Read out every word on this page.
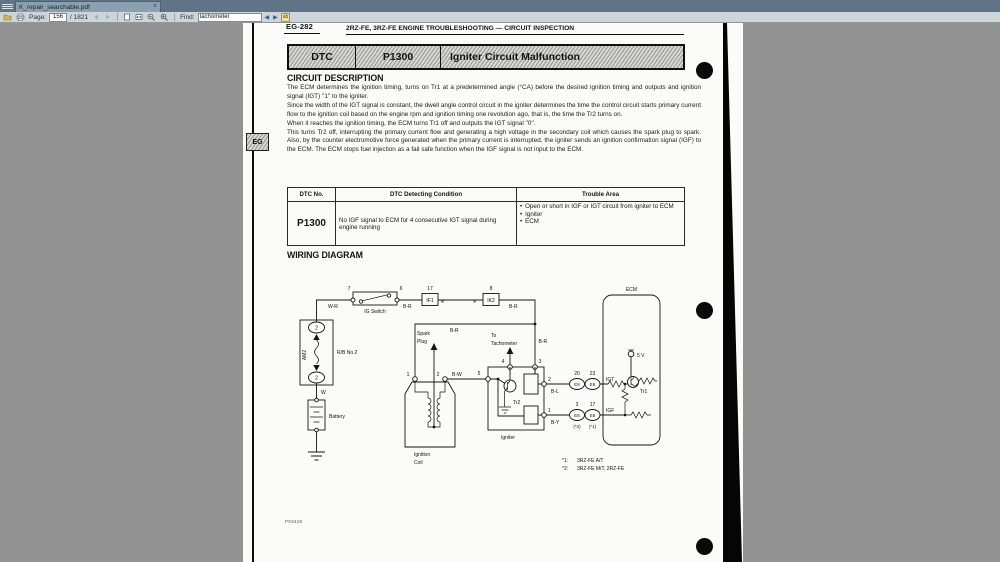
K_repair_searchable.pdf	×
Page:
156	/ 1821	Find:
tachometer	◀ ▶	ab
EG
EG-282	2RZ-FE, 3RZ-FE ENGINE TROUBLESHOOTING — CIRCUIT INSPECTION
DTC	P1300	Igniter Circuit Malfunction
CIRCUIT DESCRIPTION
The ECM determines the ignition timing, turns on Tr1 at a predetermined angle (°CA) before the desired ignition timing and outputs and ignition signal (IGT) ''1'' to the igniter.
Since the width of the IGT signal is constant, the dwell angle control circuit in the igniter determines the time the control circuit starts primary current flow to the ignition coil based on the engine rpm and ignition timing one revolution ago, that is, the time the Tr2 turns on.
When it reaches the ignition timing, the ECM turns Tr1 off and outputs the IGT signal ''0''.
This turns Tr2 off, interrupting the primary current flow and generating a high voltage in the secondary coil which causes the spark plug to spark. Also, by the counter electromotive force generated when the primary current is interrupted, the igniter sends an ignition confirmation signal (IGF) to the ECM. The ECM stops fuel injection as a fail safe function when the IGF signal is not input to the ECM.
DTC No.	DTC Detecting Condition	Trouble Area
P1300	No IGF signal to ECM for 4 consecutive IGT signal during engine running	
• Open or short in IGF or IGT circuit from igniter to ECM
• Igniter
• ECM
WIRING DIAGRAM
W-R	B-R	B-R
B-R
B-R
7	6
IG Switch
IF1
17
«	IK2
8
»
2
2
AM2	R/B No.2
W
Battery
1	2
Spark
Plug
Ignition
Coil
B-W	5
4	3
2
1
Tr2
Igniter
To
Tachometer
B-L
E8 E8
20 23
B-Y
E8 E8
3 17
(*2) (*1)
ECM
IGT
Tr1
5 V
IGF
*1: 3RZ-FE A/T
*2: 3RZ-FE M/T, 2RZ-FE
P03419
